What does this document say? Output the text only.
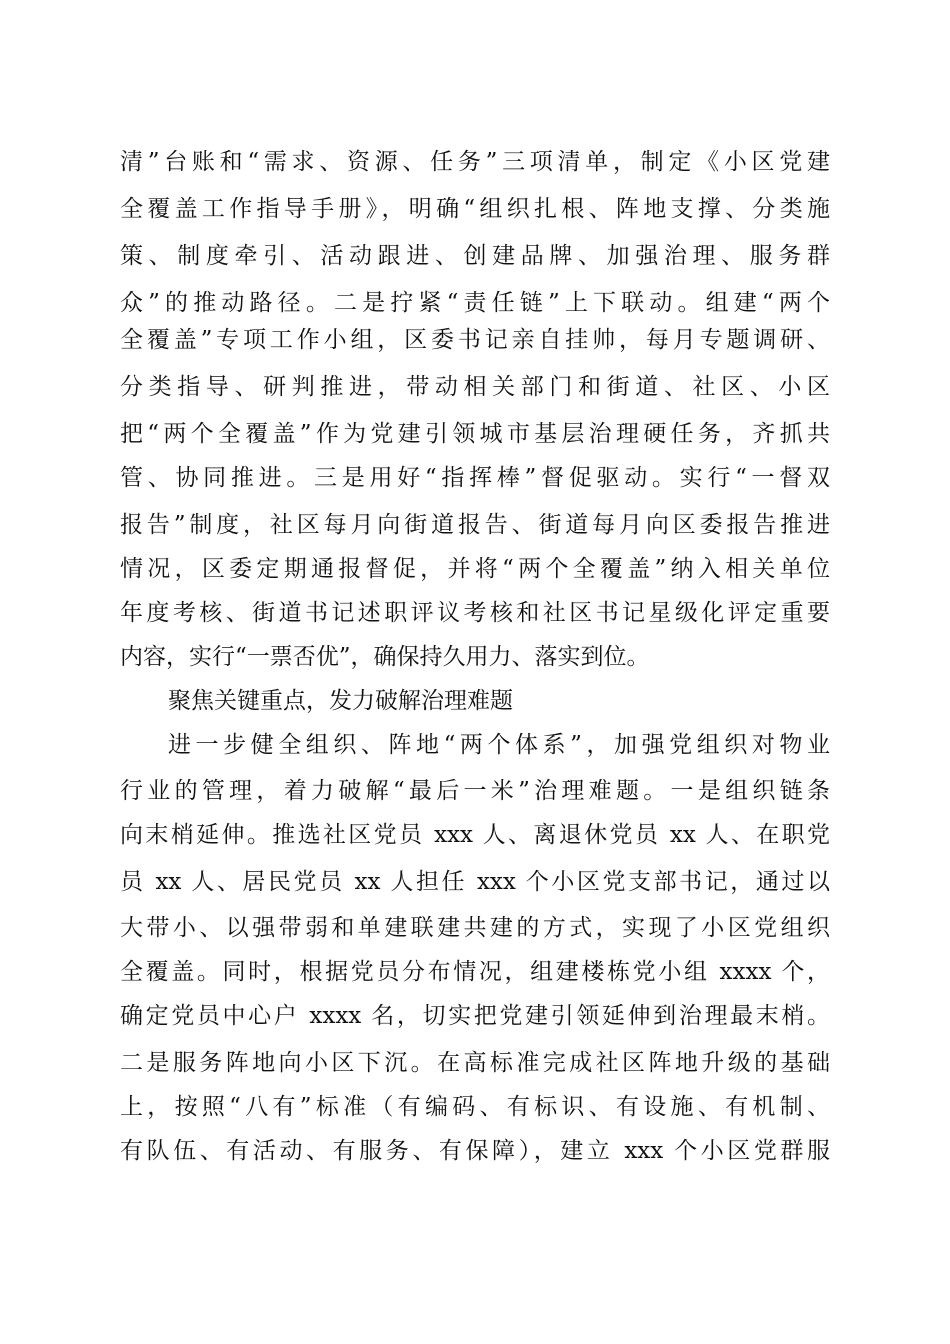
清”台账和“需求、资源、任务”三项清单，制定《小区党建
全覆盖工作指导手册》，明确“组织扎根、阵地支撑、分类施
策、制度牵引、活动跟进、创建品牌、加强治理、服务群
众”的推动路径。二是拧紧“责任链”上下联动。组建“两个
全覆盖”专项工作小组，区委书记亲自挂帅，每月专题调研、
分类指导、研判推进，带动相关部门和街道、社区、小区
把“两个全覆盖”作为党建引领城市基层治理硬任务，齐抓共
管、协同推进。三是用好“指挥棒”督促驱动。实行“一督双
报告”制度，社区每月向街道报告、街道每月向区委报告推进
情况，区委定期通报督促，并将“两个全覆盖”纳入相关单位
年度考核、街道书记述职评议考核和社区书记星级化评定重要
内容，实行“一票否优”，确保持久用力、落实到位。
聚焦关键重点，发力破解治理难题
进一步健全组织、阵地“两个体系”，加强党组织对物业
行业的管理，着力破解“最后一米”治理难题。一是组织链条
向末梢延伸。推选社区党员 xxx 人、离退休党员 xx 人、在职党
员 xx 人、居民党员 xx 人担任 xxx 个小区党支部书记，通过以
大带小、以强带弱和单建联建共建的方式，实现了小区党组织
全覆盖。同时，根据党员分布情况，组建楼栋党小组 xxxx 个，
确定党员中心户 xxxx 名，切实把党建引领延伸到治理最末梢。
二是服务阵地向小区下沉。在高标准完成社区阵地升级的基础
上，按照“八有”标准（有编码、有标识、有设施、有机制、
有队伍、有活动、有服务、有保障），建立 xxx 个小区党群服
